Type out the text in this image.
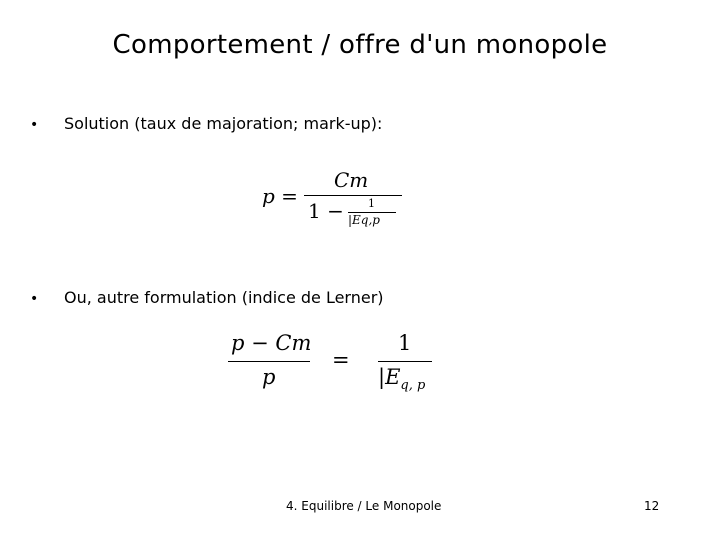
Comportement / offre d'un monopole
• Solution (taux de majoration; mark-up):
p =
Cm
1 − 1
|Eq,p
• Ou, autre formulation (indice de Lerner)
p − Cm
p
=
1
$|E_{q, p}$
4. Equilibre / Le Monopole	12
